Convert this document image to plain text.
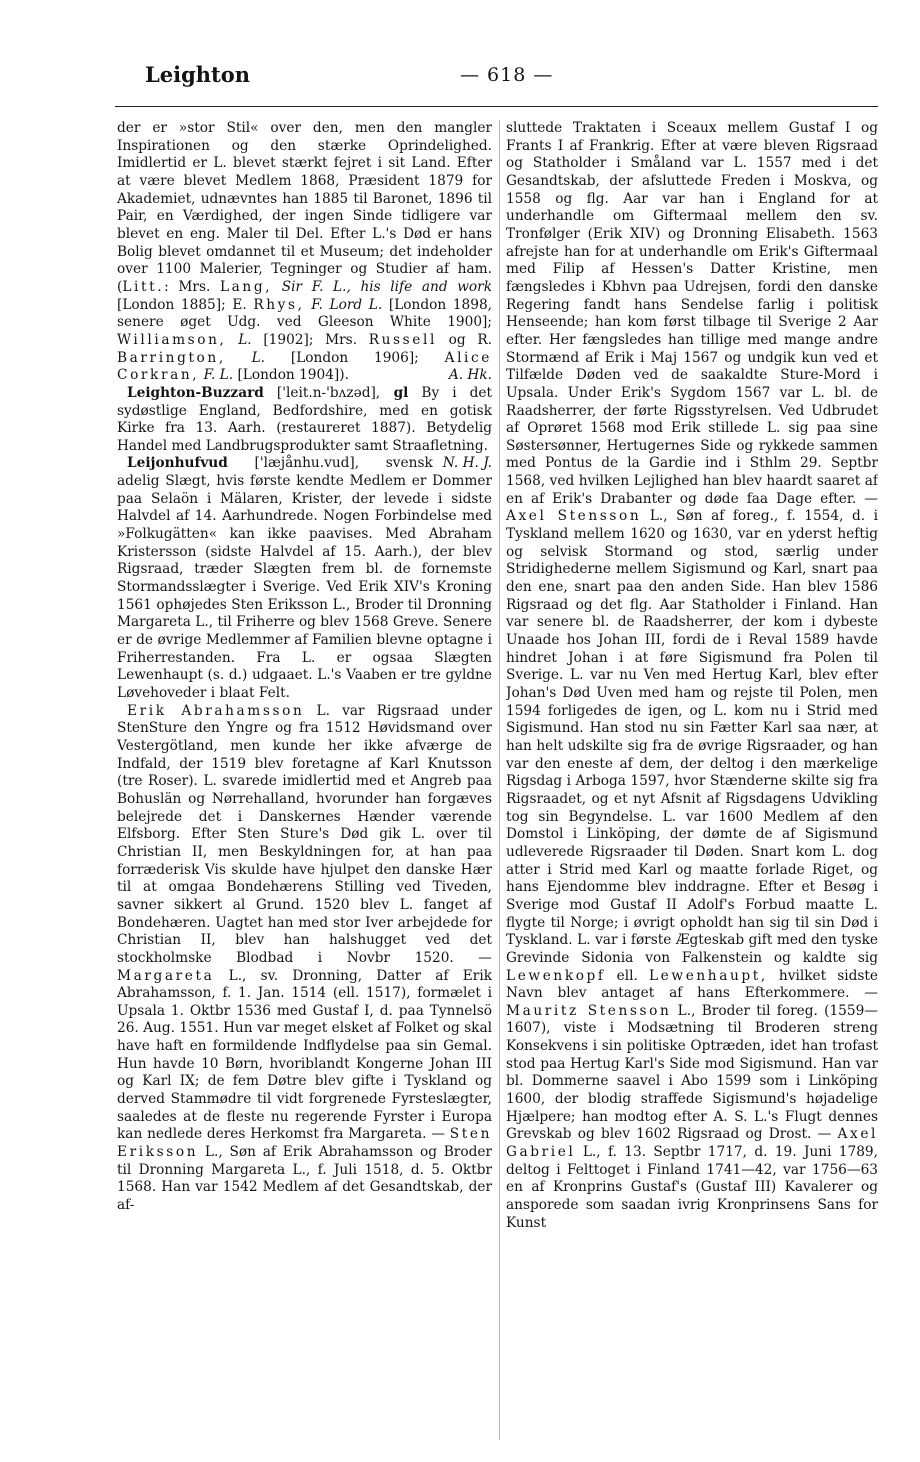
Leighton	— 618 —

der er »stor Stil« over den, men den mangler Inspirationen og den stærke Oprindelighed. Imidlertid er L. blevet stærkt fejret i sit Land. Efter at være blevet Medlem 1868, Præsident 1879 for Akademiet, udnævntes han 1885 til Baronet, 1896 til Pair, en Værdighed, der ingen Sinde tidligere var blevet en eng. Maler til Del. Efter L.'s Død er hans Bolig blevet omdannet til et Museum; det indeholder over 1100 Malerier, Tegninger og Studier af ham. (Litt.: Mrs. Lang, Sir F. L., his life and work [London 1885]; E. Rhys, F. Lord L. [London 1898, senere øget Udg. ved Gleeson White 1900]; Williamson, L. [1902]; Mrs. Russell og R. Barrington, L. [London 1906]; Alice Corkran, F. L. [London 1904]).	A. Hk.

Leighton-Buzzard ['leit.n-'bʌzəd], gl By i det sydøstlige England, Bedfordshire, med en gotisk Kirke fra 13. Aarh. (restaureret 1887). Betydelig Handel med Landbrugsprodukter samt Straafletning.
N. H. J.

Leijonhufvud ['læjånhu.vud], svensk adelig Slægt, hvis første kendte Medlem er Dommer paa Selaön i Mälaren, Krister, der levede i sidste Halvdel af 14. Aarhundrede. Nogen Forbindelse med »Folkugätten« kan ikke paavises. Med Abraham Kristersson (sidste Halvdel af 15. Aarh.), der blev Rigsraad, træder Slægten frem bl. de fornemste Stormandsslægter i Sverige. Ved Erik XIV's Kroning 1561 ophøjedes Sten Eriksson L., Broder til Dronning Margareta L., til Friherre og blev 1568 Greve. Senere er de øvrige Medlemmer af Familien blevne optagne i Friherrestanden. Fra L. er ogsaa Slægten Lewenhaupt (s. d.) udgaaet. L.'s Vaaben er tre gyldne Løvehoveder i blaat Felt.

Erik Abrahamsson L. var Rigsraad under StenSture den Yngre og fra 1512 Høvidsmand over Vestergötland, men kunde her ikke afværge de Indfald, der 1519 blev foretagne af Karl Knutsson (tre Roser). L. svarede imidlertid med et Angreb paa Bohuslän og Nørrehalland, hvorunder han forgæves belejrede det i Danskernes Hænder værende Elfsborg. Efter Sten Sture's Død gik L. over til Christian II, men Beskyldningen for, at han paa forræderisk Vis skulde have hjulpet den danske Hær til at omgaa Bondehærens Stilling ved Tiveden, savner sikkert al Grund. 1520 blev L. fanget af Bondehæren. Uagtet han med stor Iver arbejdede for Christian II, blev han halshugget ved det stockholmske Blodbad i Novbr 1520. — Margareta L., sv. Dronning, Datter af Erik Abrahamsson, f. 1. Jan. 1514 (ell. 1517), formælet i Upsala 1. Oktbr 1536 med Gustaf I, d. paa Tynnelsö 26. Aug. 1551. Hun var meget elsket af Folket og skal have haft en formildende Indflydelse paa sin Gemal. Hun havde 10 Børn, hvoriblandt Kongerne Johan III og Karl IX; de fem Døtre blev gifte i Tyskland og derved Stammødre til vidt forgrenede Fyrsteslægter, saaledes at de fleste nu regerende Fyrster i Europa kan nedlede deres Herkomst fra Margareta. — Sten Eriksson L., Søn af Erik Abrahamsson og Broder til Dronning Margareta L., f. Juli 1518, d. 5. Oktbr 1568. Han var 1542 Medlem af det Gesandtskab, der af-

sluttede Traktaten i Sceaux mellem Gustaf I og Frants I af Frankrig. Efter at være bleven Rigsraad og Statholder i Småland var L. 1557 med i det Gesandtskab, der afsluttede Freden i Moskva, og 1558 og flg. Aar var han i England for at underhandle om Giftermaal mellem den sv. Tronfølger (Erik XIV) og Dronning Elisabeth. 1563 afrejste han for at underhandle om Erik's Giftermaal med Filip af Hessen's Datter Kristine, men fængsledes i Kbhvn paa Udrejsen, fordi den danske Regering fandt hans Sendelse farlig i politisk Henseende; han kom først tilbage til Sverige 2 Aar efter. Her fængsledes han tillige med mange andre Stormænd af Erik i Maj 1567 og undgik kun ved et Tilfælde Døden ved de saakaldte Sture-Mord i Upsala. Under Erik's Sygdom 1567 var L. bl. de Raadsherrer, der førte Rigsstyrelsen. Ved Udbrudet af Oprøret 1568 mod Erik stillede L. sig paa sine Søstersønner, Hertugernes Side og rykkede sammen med Pontus de la Gardie ind i Sthlm 29. Septbr 1568, ved hvilken Lejlighed han blev haardt saaret af en af Erik's Drabanter og døde faa Dage efter. — Axel Stensson L., Søn af foreg., f. 1554, d. i Tyskland mellem 1620 og 1630, var en yderst heftig og selvisk Stormand og stod, særlig under Stridighederne mellem Sigismund og Karl, snart paa den ene, snart paa den anden Side. Han blev 1586 Rigsraad og det flg. Aar Statholder i Finland. Han var senere bl. de Raadsherrer, der kom i dybeste Unaade hos Johan III, fordi de i Reval 1589 havde hindret Johan i at føre Sigismund fra Polen til Sverige. L. var nu Ven med Hertug Karl, blev efter Johan's Død Uven med ham og rejste til Polen, men 1594 forligedes de igen, og L. kom nu i Strid med Sigismund. Han stod nu sin Fætter Karl saa nær, at han helt udskilte sig fra de øvrige Rigsraader, og han var den eneste af dem, der deltog i den mærkelige Rigsdag i Arboga 1597, hvor Stænderne skilte sig fra Rigsraadet, og et nyt Afsnit af Rigsdagens Udvikling tog sin Begyndelse. L. var 1600 Medlem af den Domstol i Linköping, der dømte de af Sigismund udleverede Rigsraader til Døden. Snart kom L. dog atter i Strid med Karl og maatte forlade Riget, og hans Ejendomme blev inddragne. Efter et Besøg i Sverige mod Gustaf II Adolf's Forbud maatte L. flygte til Norge; i øvrigt opholdt han sig til sin Død i Tyskland. L. var i første Ægteskab gift med den tyske Grevinde Sidonia von Falkenstein og kaldte sig Lewenkopf ell. Lewenhaupt, hvilket sidste Navn blev antaget af hans Efterkommere. — Mauritz Stensson L., Broder til foreg. (1559—1607), viste i Modsætning til Broderen streng Konsekvens i sin politiske Optræden, idet han trofast stod paa Hertug Karl's Side mod Sigismund. Han var bl. Dommerne saavel i Abo 1599 som i Linköping 1600, der blodig straffede Sigismund's højadelige Hjælpere; han modtog efter A. S. L.'s Flugt dennes Grevskab og blev 1602 Rigsraad og Drost. — Axel Gabriel L., f. 13. Septbr 1717, d. 19. Juni 1789, deltog i Felttoget i Finland 1741—42, var 1756—63 en af Kronprins Gustaf's (Gustaf III) Kavalerer og ansporede som saadan ivrig Kronprinsens Sans for Kunst
